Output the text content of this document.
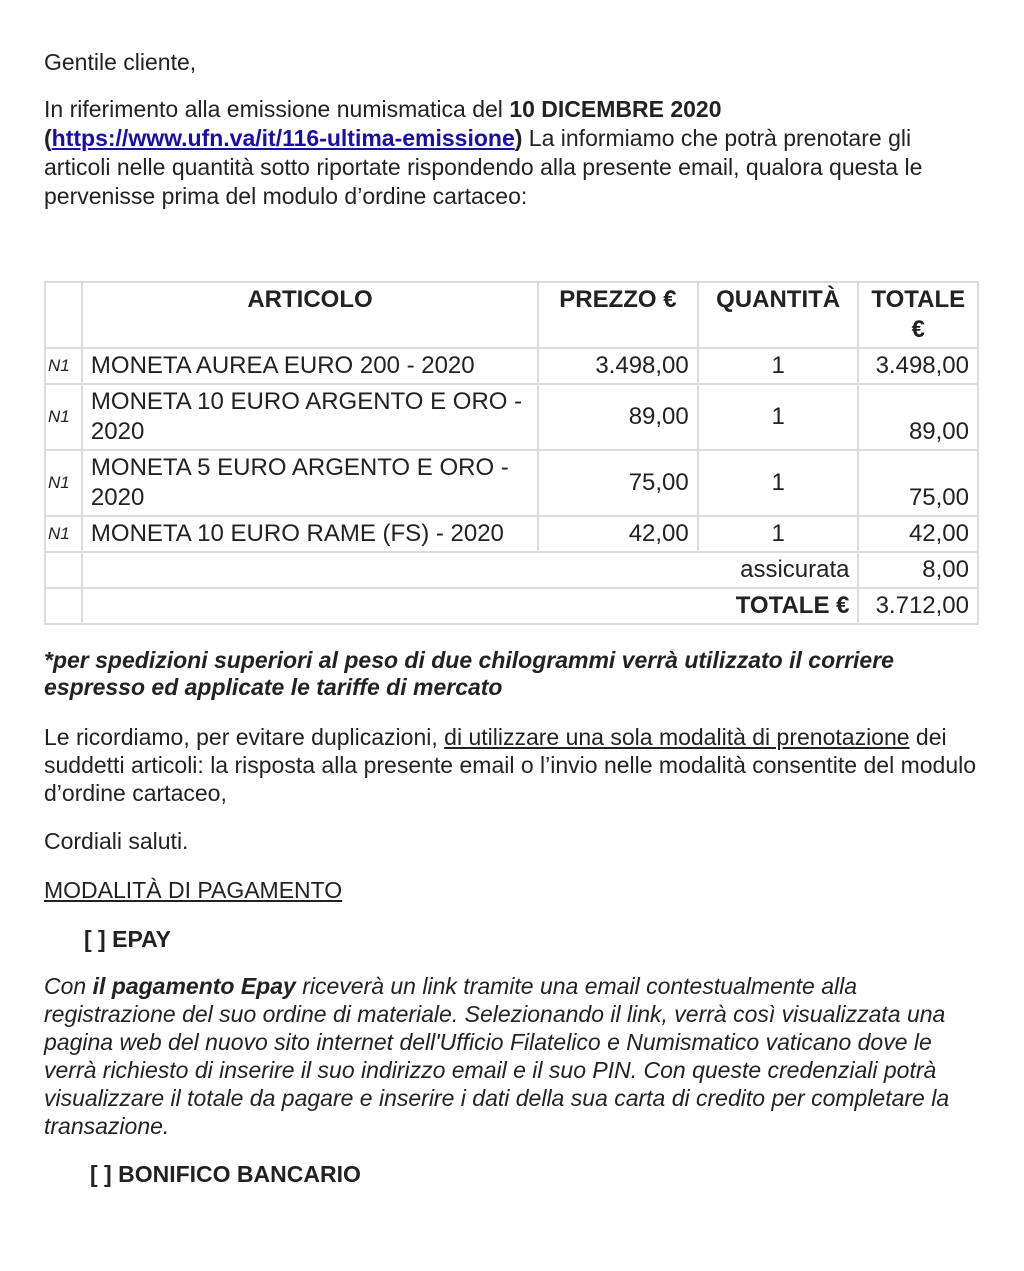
Gentile cliente,

In riferimento alla emissione numismatica del 10 DICEMBRE 2020
(https://www.ufn.va/it/116-ultima-emissione) La informiamo che potrà prenotare gli articoli nelle quantità sotto riportate rispondendo alla presente email, qualora questa le pervenisse prima del modulo d’ordine cartaceo:

	ARTICOLO	PREZZO €	QUANTITÀ	TOTALE €
N1	MONETA AUREA EURO 200 - 2020	3.498,00	1	3.498,00
N1	MONETA 10 EURO ARGENTO E ORO - 2020	89,00	1	89,00
N1	MONETA 5 EURO ARGENTO E ORO - 2020	75,00	1	75,00
N1	MONETA 10 EURO RAME (FS) - 2020	42,00	1	42,00
	assicurata			8,00
	TOTALE €			3.712,00

*per spedizioni superiori al peso di due chilogrammi verrà utilizzato il corriere espresso ed applicate le tariffe di mercato

Le ricordiamo, per evitare duplicazioni, di utilizzare una sola modalità di prenotazione dei suddetti articoli: la risposta alla presente email o l’invio nelle modalità consentite del modulo d’ordine cartaceo,

Cordiali saluti.

MODALITÀ DI PAGAMENTO

[ ] EPAY

Con il pagamento Epay riceverà un link tramite una email contestualmente alla registrazione del suo ordine di materiale. Selezionando il link, verrà così visualizzata una pagina web del nuovo sito internet dell'Ufficio Filatelico e Numismatico vaticano dove le verrà richiesto di inserire il suo indirizzo email e il suo PIN. Con queste credenziali potrà visualizzare il totale da pagare e inserire i dati della sua carta di credito per completare la transazione.

[ ] BONIFICO BANCARIO
